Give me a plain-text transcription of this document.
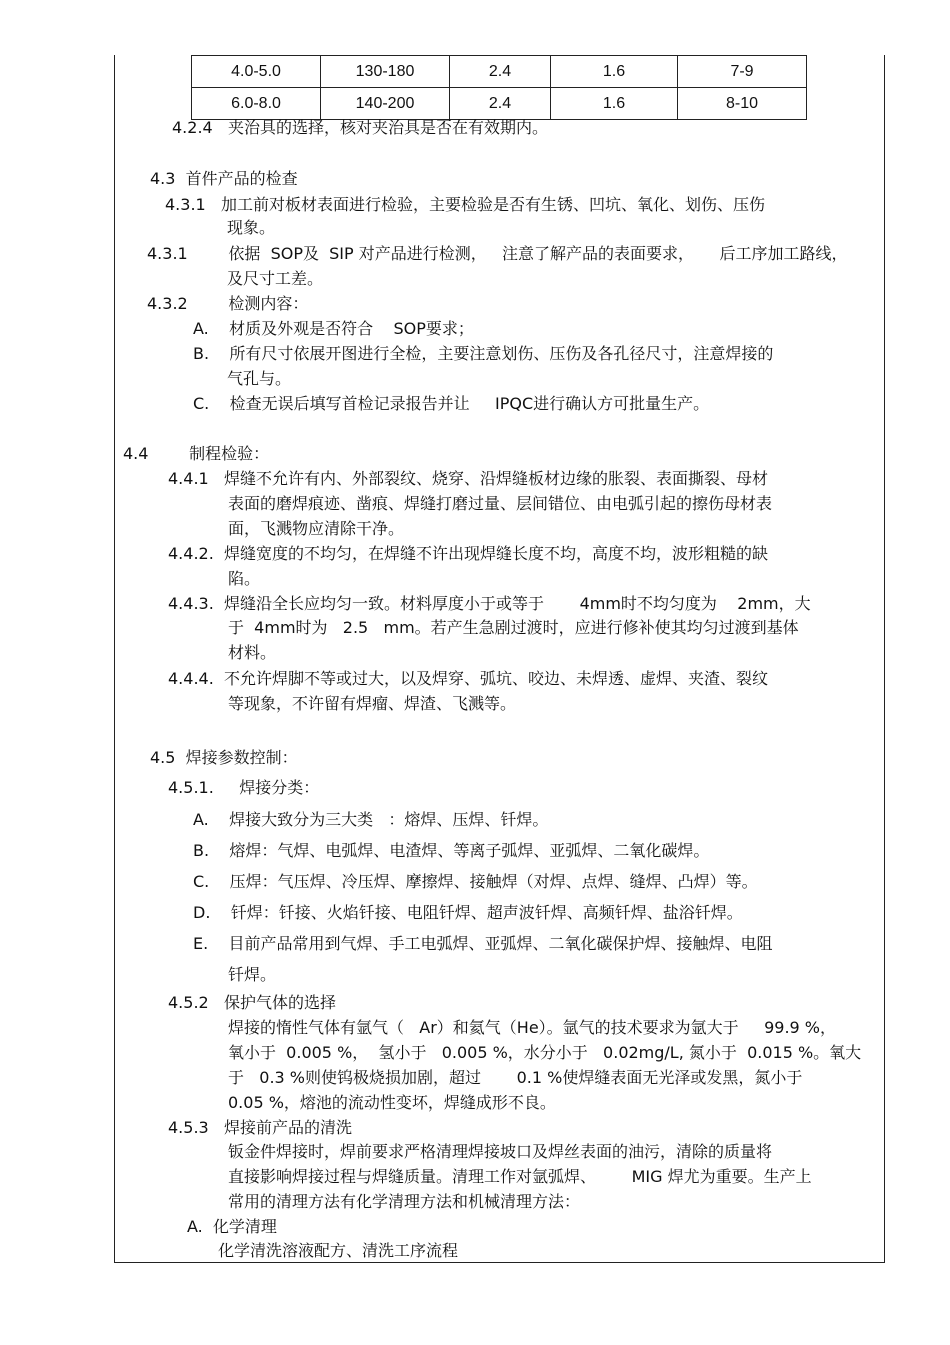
4.0-5.0	130-180	2.4	1.6	7-9
6.0-8.0	140-200	2.4	1.6	8-10
4.2.4   夹治具的选择，核对夹治具是否在有效期内。
4.3  首件产品的检查
4.3.1   加工前对板材表面进行检验，主要检验是否有生锈、凹坑、氧化、划伤、压伤
现象。
4.3.1        依据  SOP及  SIP 对产品进行检测，   注意了解产品的表面要求，     后工序加工路线，
及尺寸工差。
4.3.2        检测内容：
A.    材质及外观是否符合    SOP要求；
B.    所有尺寸依展开图进行全检，主要注意划伤、压伤及各孔径尺寸，注意焊接的
气孔与。
C.    检查无误后填写首检记录报告并让     IPQC进行确认方可批量生产。
4.4        制程检验：
4.4.1   焊缝不允许有内、外部裂纹、烧穿、沿焊缝板材边缘的胀裂、表面撕裂、母材
表面的磨焊痕迹、凿痕、焊缝打磨过量、层间错位、由电弧引起的擦伤母材表
面，飞溅物应清除干净。
4.4.2.  焊缝宽度的不均匀，在焊缝不许出现焊缝长度不均，高度不均，波形粗糙的缺
陷。
4.4.3.  焊缝沿全长应均匀一致。材料厚度小于或等于       4mm时不均匀度为    2mm，大
于  4mm时为   2.5   mm。若产生急剧过渡时，应进行修补使其均匀过渡到基体
材料。
4.4.4.  不允许焊脚不等或过大，以及焊穿、弧坑、咬边、未焊透、虚焊、夹渣、裂纹
等现象，不许留有焊瘤、焊渣、飞溅等。
4.5  焊接参数控制：
4.5.1.     焊接分类：
A.    焊接大致分为三大类   ：熔焊、压焊、钎焊。
B.    熔焊：气焊、电弧焊、电渣焊、等离子弧焊、亚弧焊、二氧化碳焊。
C.    压焊：气压焊、冷压焊、摩擦焊、接触焊（对焊、点焊、缝焊、凸焊）等。
D.    钎焊：钎接、火焰钎接、电阻钎焊、超声波钎焊、高频钎焊、盐浴钎焊。
E.    目前产品常用到气焊、手工电弧焊、亚弧焊、二氧化碳保护焊、接触焊、电阻
钎焊。
4.5.2   保护气体的选择
焊接的惰性气体有氩气（   Ar）和氦气（He）。氩气的技术要求为氩大于     99.9 %，
氧小于  0.005 %，  氢小于   0.005 %，水分小于   0.02mg/L, 氮小于  0.015 %。氧大
于   0.3 %则使钨极烧损加剧，超过       0.1 %使焊缝表面无光泽或发黑，氮小于
0.05 %，熔池的流动性变坏，焊缝成形不良。
4.5.3   焊接前产品的清洗
钣金件焊接时，焊前要求严格清理焊接坡口及焊丝表面的油污，清除的质量将
直接影响焊接过程与焊缝质量。清理工作对氩弧焊、       MIG 焊尤为重要。生产上
常用的清理方法有化学清理方法和机械清理方法：
A.  化学清理
化学清洗溶液配方、清洗工序流程
